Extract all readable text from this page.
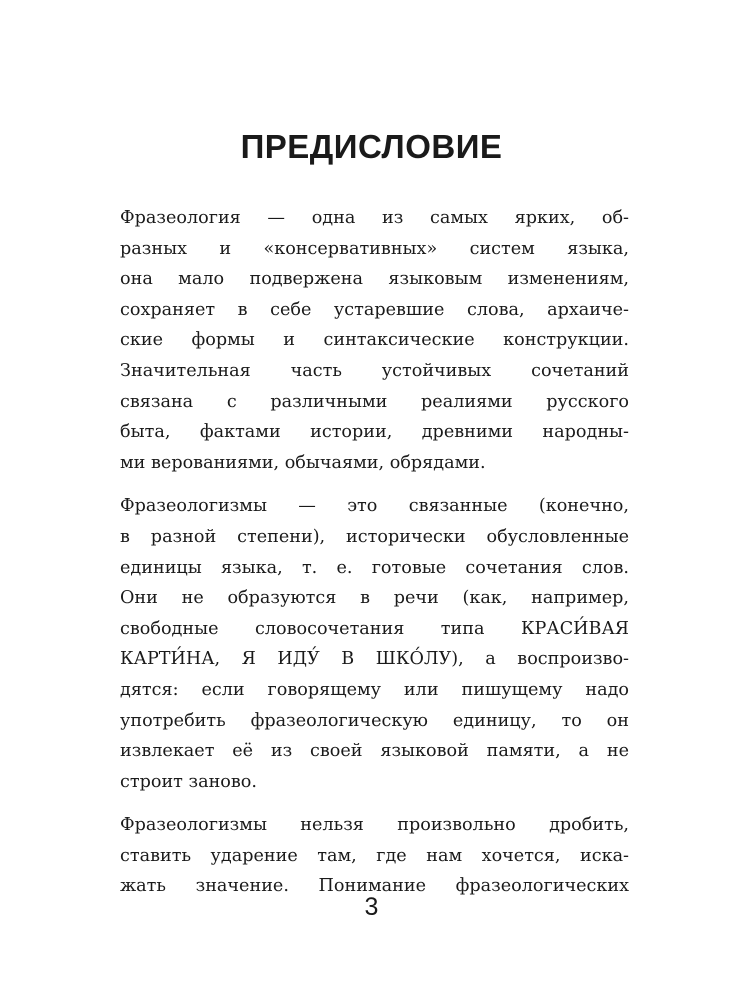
ПРЕДИСЛОВИЕ
Фразеология — одна из самых ярких, об-
разных и «консервативных» систем языка,
она мало подвержена языковым изменениям,
сохраняет в себе устаревшие слова, архаиче-
ские формы и синтаксические конструкции.
Значительная часть устойчивых сочетаний
связана с различными реалиями русского
быта, фактами истории, древними народны-
ми верованиями, обычаями, обрядами.
Фразеологизмы — это связанные (конечно,
в разной степени), исторически обусловленные
единицы языка, т. е. готовые сочетания слов.
Они не образуются в речи (как, например,
свободные словосочетания типа КРАСИ́ВАЯ
КАРТИ́НА, Я ИДУ́ В ШКО́ЛУ), а воспроизво-
дятся: если говорящему или пишущему надо
употребить фразеологическую единицу, то он
извлекает её из своей языковой памяти, а не
строит заново.
Фразеологизмы нельзя произвольно дробить,
ставить ударение там, где нам хочется, иска-
жать значение. Понимание фразеологических
3
